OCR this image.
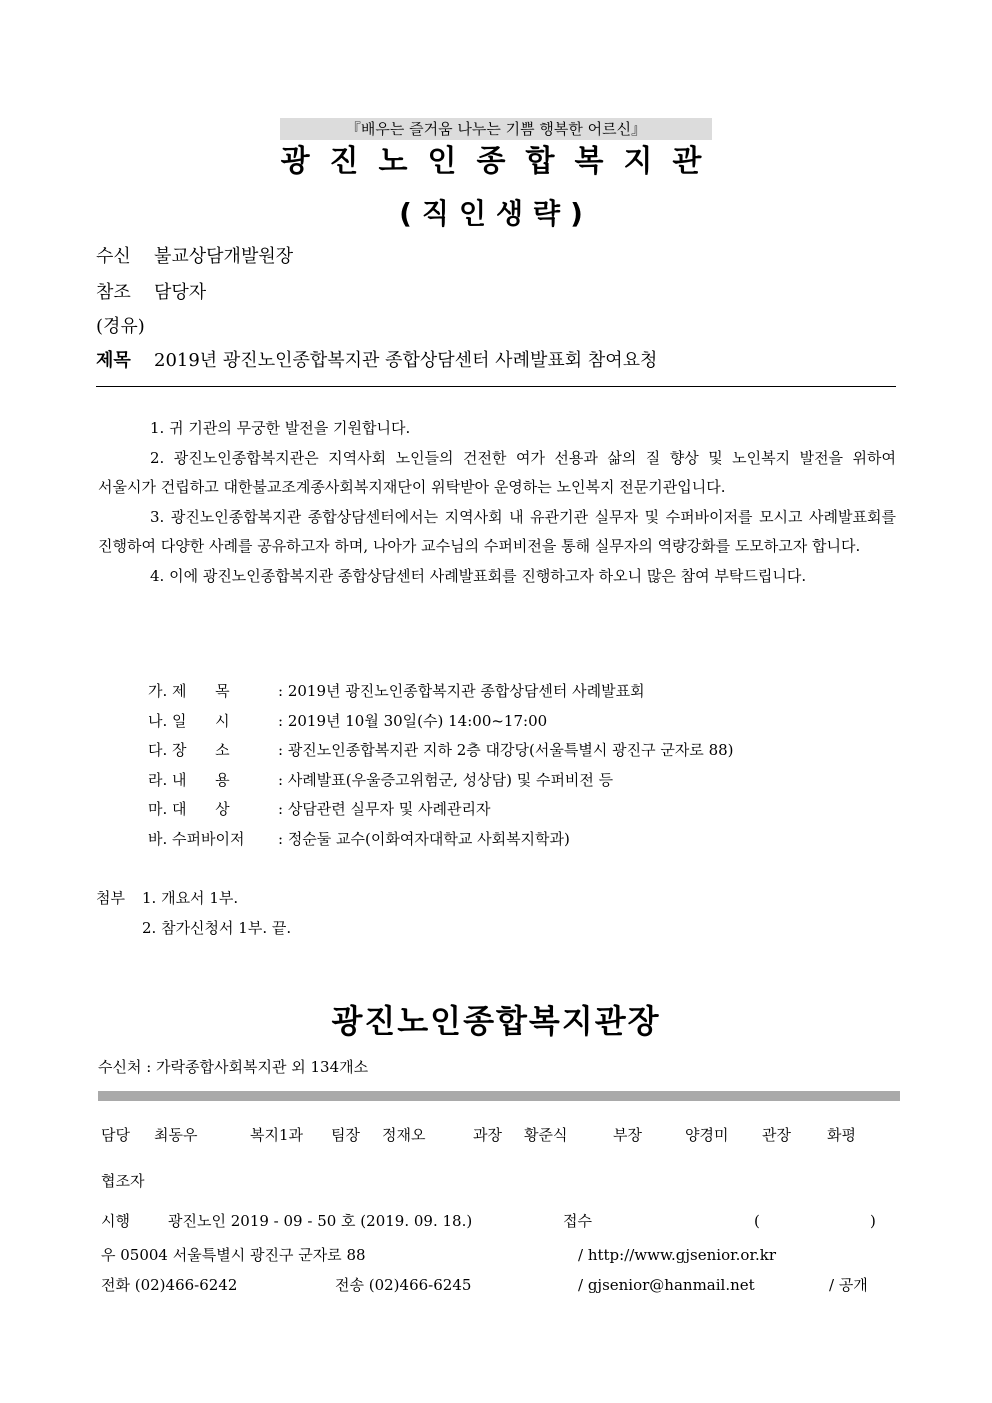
『배우는 즐거움 나누는 기쁨 행복한 어르신』
광진노인종합복지관
(직인생략)
수신 불교상담개발원장
참조 담당자
(경유)
제목 2019년 광진노인종합복지관 종합상담센터 사례발표회 참여요청

1. 귀 기관의 무궁한 발전을 기원합니다.

2. 광진노인종합복지관은 지역사회 노인들의 건전한 여가 선용과 삶의 질 향상 및 노인복지 발전을 위하여 서울시가 건립하고 대한불교조계종사회복지재단이 위탁받아 운영하는 노인복지 전문기관입니다.

3. 광진노인종합복지관 종합상담센터에서는 지역사회 내 유관기관 실무자 및 수퍼바이저를 모시고 사례발표회를 진행하여 다양한 사례를 공유하고자 하며, 나아가 교수님의 수퍼비전을 통해 실무자의 역량강화를 도모하고자 합니다.

4. 이에 광진노인종합복지관 종합상담센터 사례발표회를 진행하고자 하오니 많은 참여 부탁드립니다.

가. 제      목	: 2019년 광진노인종합복지관 종합상담센터 사례발표회
나. 일      시	: 2019년 10월 30일(수) 14:00~17:00
다. 장      소	: 광진노인종합복지관 지하 2층 대강당(서울특별시 광진구 군자로 88)
라. 내      용	: 사례발표(우울증고위험군, 성상담) 및 수퍼비전 등
마. 대      상	: 상담관련 실무자 및 사례관리자
바. 수퍼바이저 : 정순둘 교수(이화여자대학교 사회복지학과)
첨부 1. 개요서 1부.
2. 참가신청서 1부. 끝.
광진노인종합복지관장
수신처 : 가락종합사회복지관 외 134개소
담당 최동우	복지1과 팀장 정재오	과장 황준식	부장	양경미 관장 화평
협조자
시행	광진노인 2019 - 09 - 50 호 (2019. 09. 18.)	접수	(	)
우 05004 서울특별시 광진구 군자로 88	/ http://www.gjsenior.or.kr
전화 (02)466-6242	전송 (02)466-6245	/ gjsenior@hanmail.net	/ 공개
